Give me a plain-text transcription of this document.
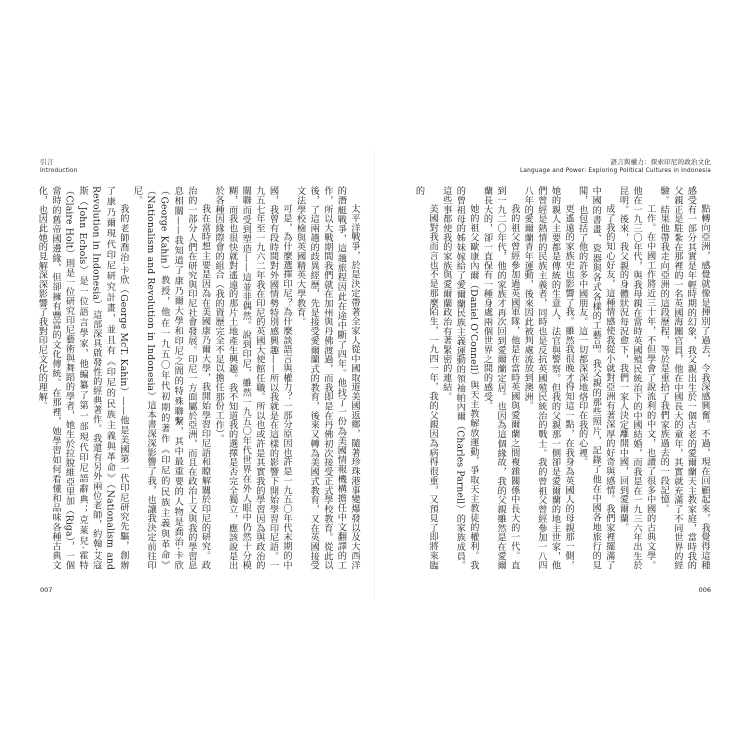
引言
Introduction

太平洋戰爭，於是決定帶著全家人從中國取道美國返鄉，隨著珍珠港事變爆發以及大西洋的潛艇戰爭，這趟旅程因此在途中斷了四年。他找了一份為美國情報機構擔任中文翻譯的工作，所以大戰期間我們就在加州與丹佛渡過，而我即是在丹佛初次接受正式學校教育。從此以後，了這兩趟的歧異經歷，先是接受愛爾蘭式的教育，後來又轉為美國式教育，又在英國接受文法學校檢與英國精英大學教育。

可是，為什麼選擇印尼？為什麼談語言與權力？一部分原因也許是一九五〇年代末期的中國，我曾有段時間對外國情勢特別感興趣——所以我就是在這樣的影響下開始學習印尼語。一九五七年至一九六二年我在印尼的英國大使館任職。所以也或許是其實我的學習因為與政治的關聯而受到塑造——這並非偶然。說到印尼，雖然一九五〇年代世界在外人眼中仍然十分模糊，而我也很快就對遙遠的那片土地產生興趣。我不知道我的選擇是否完全獨立，應該說是出於各種因緣際會的組合（我的資歷完全不足以擔任那份工作）。

我在當時想主要是因為在美國康乃爾大學，我開始學習印尼語和瞭解關於印尼的研究。政治的一部分人們在研究與印尼社會發展。印尼一方面屬於亞洲，而且在政治上又與我的學習息息相關——我知道了康乃爾大學和印尼之間的特殊聯繫，其中最重要的人物是喬治·卡欣（George Kahin）教授，他在一九五〇年代初期的著作《印尼的民族主義與革命》（Nationalism and Revolution in Indonesia）這本書深深影響了我，也讓我決定前往印尼。

我的老師喬治·卡欣（George McT. Kahin）——他是美國第一代印尼研究先驅，創辦了康乃爾現代印尼研究計畫，並且有《印尼的民族主義與革命》（Nationalism and Revolution in Indonesia）這部深具啟發性的經典著作。我還有另外兩位老師，約翰·艾寇斯（John Echols）是一位語言學家，他編纂了第一部現代印尼語辭典；克萊兒·霍特（Claire Holt）則是一位研究印尼藝術與舞蹈的學者，她生於拉脫維亞里加（Riga），一個當時的舊帝國邊緣，但卻擁有豐富的文化傳統。在那裡，她學習如何看懂和品味各種古典文化，也因此她的見解深深影響了我對印尼文化的理解。

007
語言與權力：探索印尼的政治文化
Language and Power: Exploring Political Cultures in Indonesia

點轉向亞洲，感覺就像是揮別了過去，令我深感興奮。不過，現在回顧起來，我覺得這種感受有一部分其實是年輕時期的幻象，我父親出生於一個古老的愛爾蘭天主教家庭，當時我的父親正是駐紮在那裡的一名英國海關官員，他在中國長大的童年，其實就充滿了不同世界的經驗。結果他帶我走向亞洲的這段歷程，等於是重拾了我們家族過去的一段記憶。

工作。在中國工作將近三十年，不但學會了說流利的中文，也讀了很多中國的古典文學。他在一九三〇年代，與我母親在當時英國殖民統治下的中國結婚，而我是在一九三六年出生於昆明。後來，我父親的身體狀況每況愈下，我們一家人決定離開中國，回到愛爾蘭。

成了我的知心好友，這種情感使我從小就對亞洲有著深厚的好奇與感情。我們家裡擺滿了中國的書畫、瓷器與各式各樣的工藝品。我父親的那些照片，記錄了他在中國各地旅行的見聞，也包括了他的許多中國朋友。這一切都深深地烙印在我的心裡。

更遙遠的家族史也影響了我。雖然我很晚才得知這一點，在我身為英國人的母親那一側，她的親人主要都是傳統的生意人、法官與警察。但我的父親那一側卻是愛爾蘭的地主世家，他們曾經是熱情的民族主義者，同時也是反抗英國殖民統治的戰士。我的曾祖父曾經參加一八四八年的愛爾蘭青年運動，後來因此被判處流放到澳洲。

我的祖父曾經參加過英國軍隊，他是在當時英國與愛爾蘭之間複雜關係中長大的一代。直到一九二〇年代，他的家族才再次回到愛爾蘭定居。也因為這個緣故，我的父親雖然是在愛爾蘭長大的，卻一直保有一種身處兩個世界之間的感受。

她的祖父歐康內爾（Daniel O’Connell）與天主教解放運動，爭取天主教徒的權利。我的曾祖母的姊妹嫁給了愛爾蘭民族主義運動的領袖帕內爾（Charles Parnell）的家族成員。這些事都使我的家族與愛爾蘭政治有著緊密的連結。

美國對我而言也不是那麼陌生，一九四一年，我的父親因為病得很重，又預見了即將來臨的

006
